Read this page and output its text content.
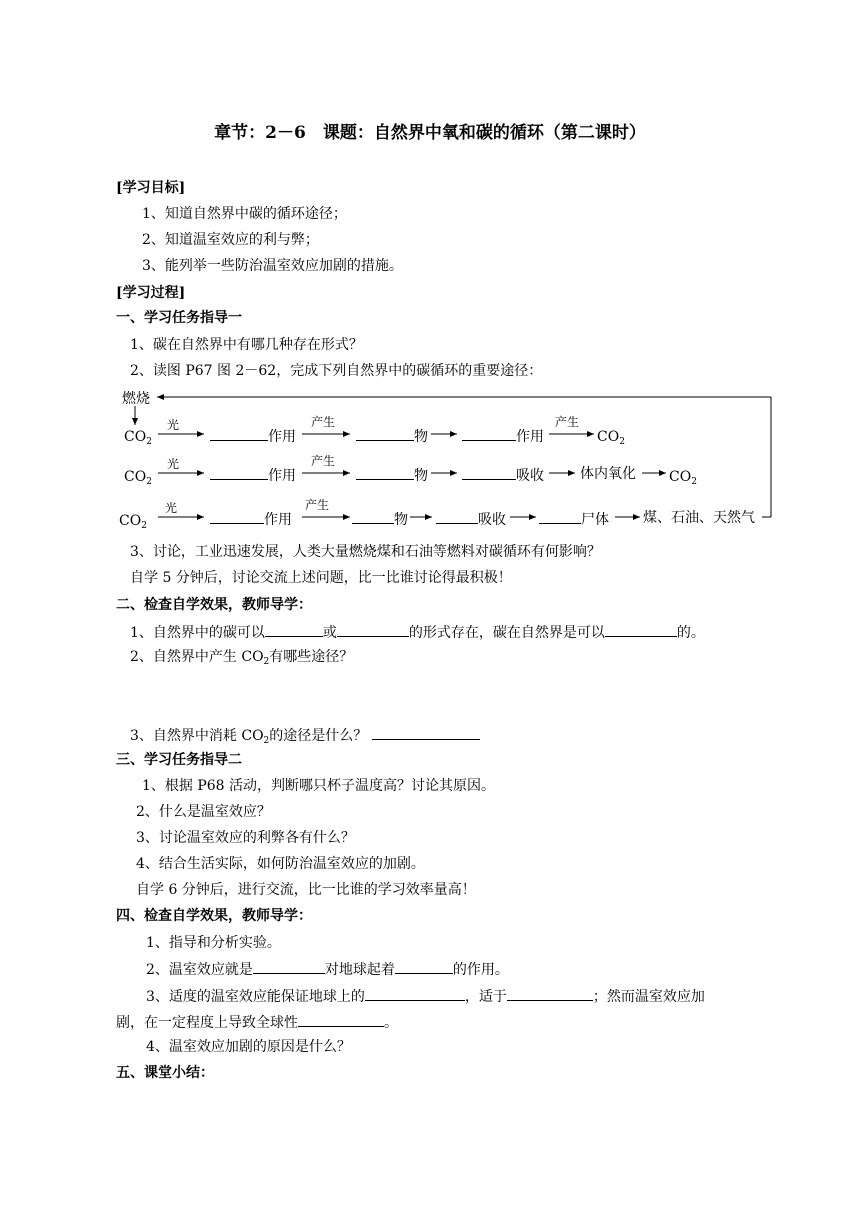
章节：2－6　课题：自然界中氧和碳的循环（第二课时）
[学习目标]
1、知道自然界中碳的循环途径；
2、知道温室效应的利与弊；
3、能列举一些防治温室效应加剧的措施。
[学习过程]
一、学习任务指导一
1、碳在自然界中有哪几种存在形式？
2、读图 P67 图 2－62，完成下列自然界中的碳循环的重要途径：
燃烧
$CO_2$
光
作用
产生
物	作用
产生
$CO_2$
$CO_2$
光
作用
产生
物	吸收	体内氧化 $CO_2$
$CO_2$
光
作用
产生
物	吸收	尸体 煤、石油、天然气
3、讨论，工业迅速发展，人类大量燃烧煤和石油等燃料对碳循环有何影响？
自学 5 分钟后，讨论交流上述问题，比一比谁讨论得最积极！
二、检查自学效果，教师导学：
1、自然界中的碳可以	或	的形式存在，碳在自然界是可以	的。
2、自然界中产生 $CO_2$有哪些途径？
3、自然界中消耗 $CO_2$的途径是什么？
三、学习任务指导二
1、根据 P68 活动，判断哪只杯子温度高？讨论其原因。
2、什么是温室效应？
3、讨论温室效应的利弊各有什么？
4、结合生活实际，如何防治温室效应的加剧。
自学 6 分钟后，进行交流，比一比谁的学习效率量高！
四、检查自学效果，教师导学：
1、指导和分析实验。
2、温室效应就是	对地球起着	的作用。
3、适度的温室效应能保证地球上的	，适于	；然而温室效应加
剧，在一定程度上导致全球性	。
4、温室效应加剧的原因是什么？
五、课堂小结：
